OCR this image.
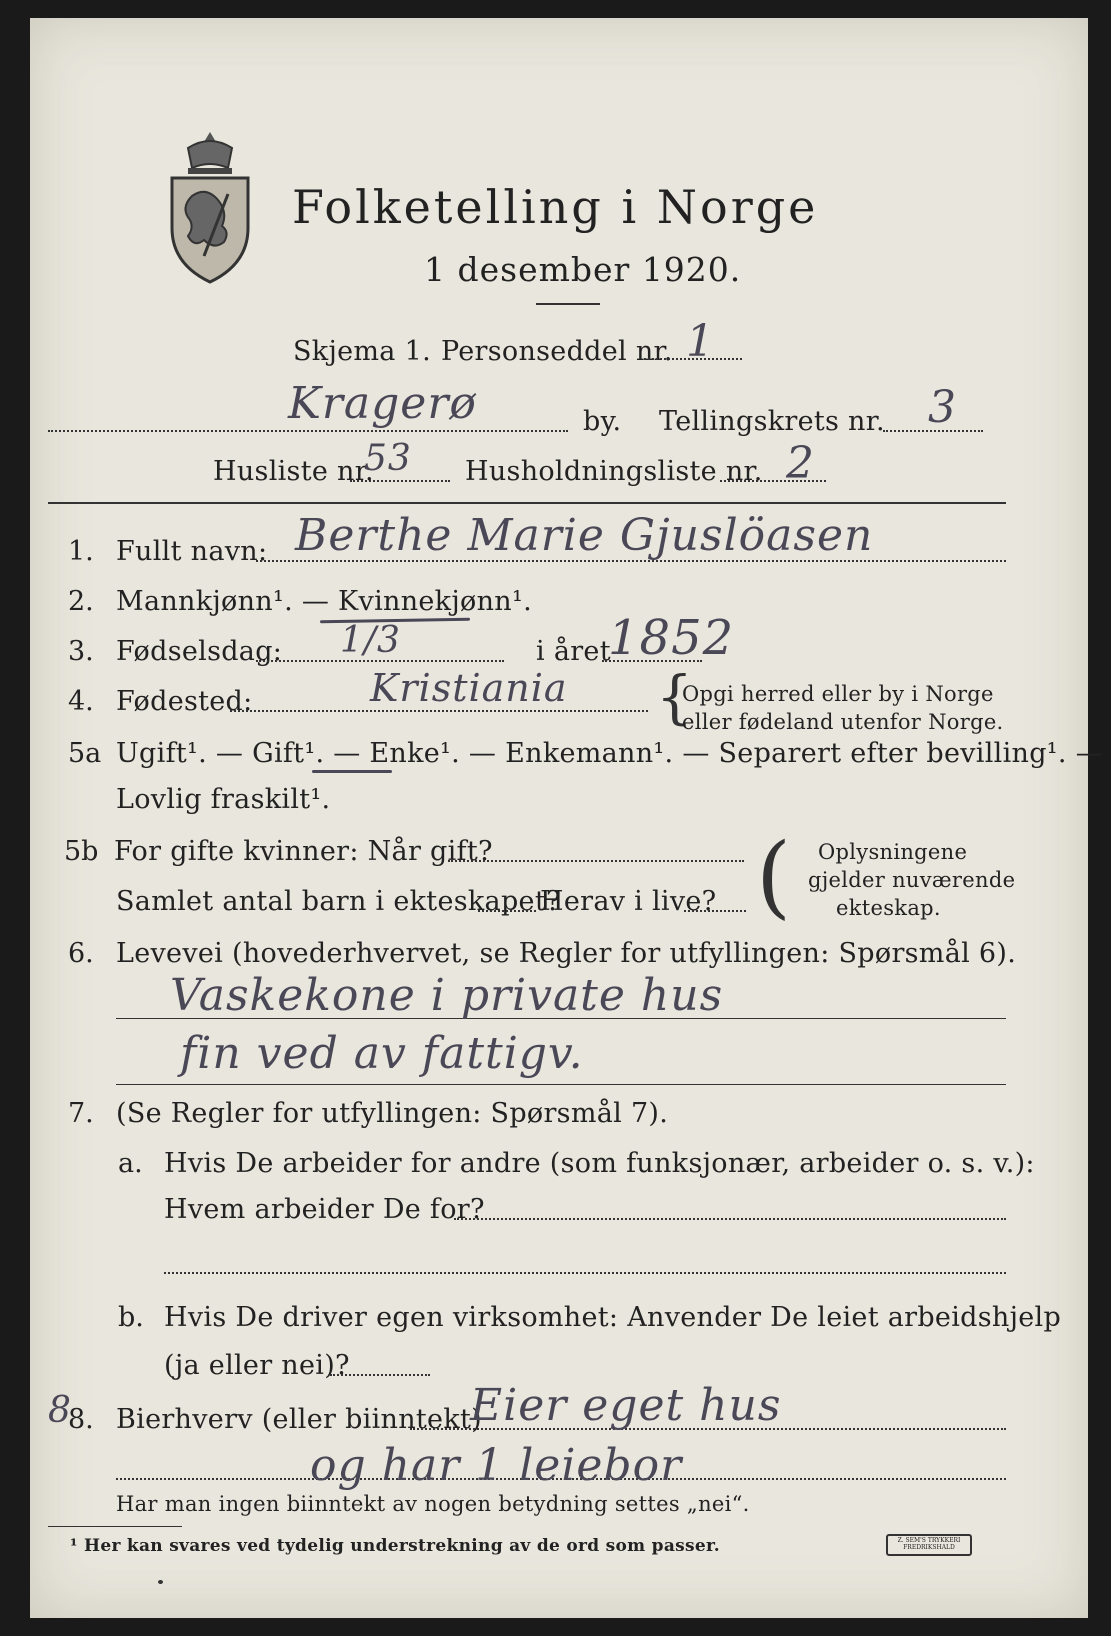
Folketelling i Norge
1 desember 1920.
Skjema 1. Personseddel nr. 1
Kragerø	by. Tellingskrets nr. 3
Husliste nr.
53 Husholdningsliste nr. 2
1. Fullt navn: Berthe Marie Gjuslöasen
2. Mannkjønn¹. — Kvinnekjønn¹.
3. Fødselsdag: 1/3	i året
1852
4. Fødested:	Kristiania {
Opgi herred eller by i Norge
eller fødeland utenfor Norge.
5a Ugift¹. — Gift¹. — Enke¹. — Enkemann¹. — Separert efter bevilling¹. —
Lovlig fraskilt¹.
5b For gifte kvinner: Når gift?
Samlet antal barn i ekteskapet?
Herav i live? ( Oplysningene
gjelder nuværende
ekteskap.
6. Levevei (hovederhvervet, se Regler for utfyllingen: Spørsmål 6).
Vaskekone i private hus
fin ved av fattigv.
7. (Se Regler for utfyllingen: Spørsmål 7).
a. Hvis De arbeider for andre (som funksjonær, arbeider o. s. v.):
Hvem arbeider De for?
b. Hvis De driver egen virksomhet: Anvender De leiet arbeidshjelp
(ja eller nei)?
8
8. Bierhverv (eller biinntekt)
Eier eget hus
og har 1 leiebor
Har man ingen biinntekt av nogen betydning settes „nei“.
¹ Her kan svares ved tydelig understrekning av de ord som passer.	Z. SEM'S TRYKKERI FREDRIKSHALD
